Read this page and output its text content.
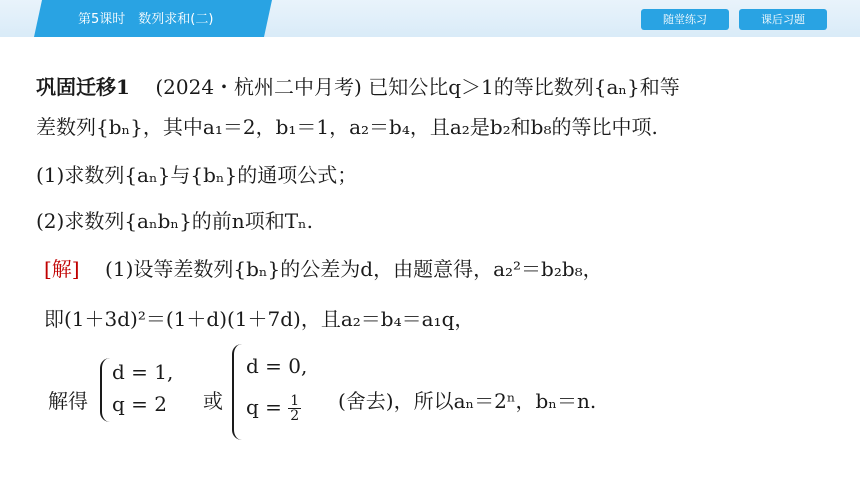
第5课时　数列求和(二)	随堂练习	课后习题
巩固迁移1 (2024・杭州二中月考) 已知公比q＞1的等比数列{aₙ}和等
差数列{bₙ}，其中a₁＝2，b₁＝1，a₂＝b₄，且a₂是b₂和b₈的等比中项.
(1)求数列{aₙ}与{bₙ}的通项公式；
(2)求数列{aₙbₙ}的前n项和Tₙ.
[解] (1)设等差数列{bₙ}的公差为d，由题意得，a₂²＝b₂b₈，
即(1＋3d)²＝(1＋d)(1＋7d)，且a₂＝b₄＝a₁q，
解得
d = 1,
q = 2 或
d = 0,
$q = \frac{1}{2}$ (舍去)，所以aₙ＝2ⁿ，bₙ＝n.
